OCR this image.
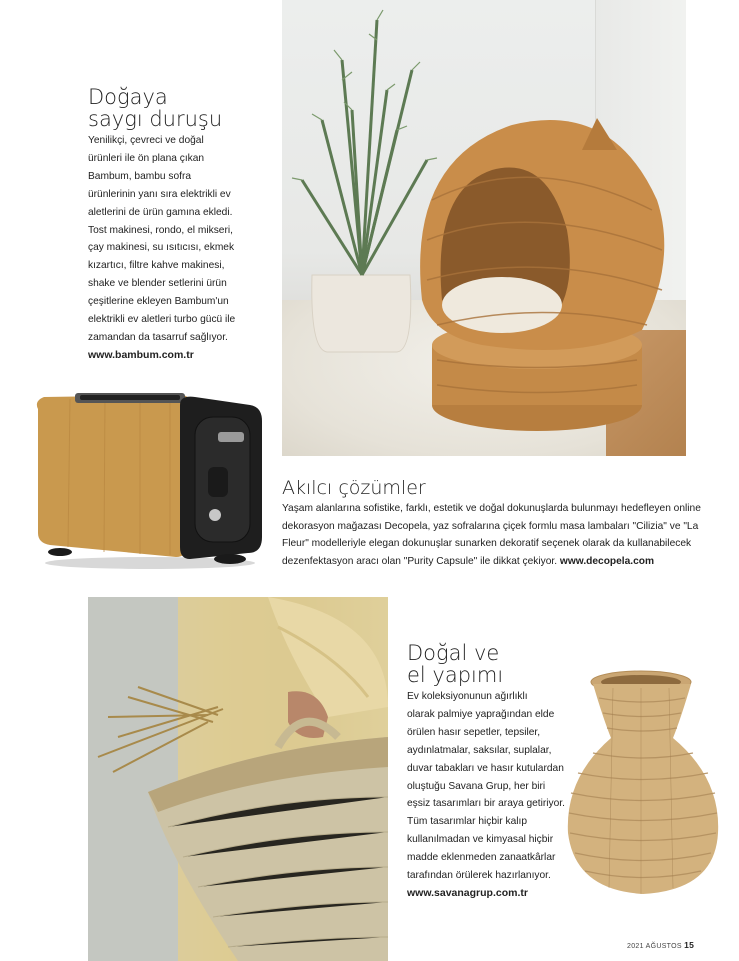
Doğaya
saygı duruşu
Yenilikçi, çevreci ve doğal
ürünleri ile ön plana çıkan
Bambum, bambu sofra
ürünlerinin yanı sıra elektrikli ev
aletlerini de ürün gamına ekledi.
Tost makinesi, rondo, el mikseri,
çay makinesi, su ısıtıcısı, ekmek
kızartıcı, filtre kahve makinesi,
shake ve blender setlerini ürün
çeşitlerine ekleyen Bambum'un
elektrikli ev aletleri turbo gücü ile
zamandan da tasarruf sağlıyor.
www.bambum.com.tr
Akılcı çözümler
Yaşam alanlarına sofistike, farklı, estetik ve doğal dokunuşlarda bulunmayı hedefleyen online
dekorasyon mağazası Decopela, yaz sofralarına çiçek formlu masa lambaları "Cilizia" ve "La
Fleur" modelleriyle elegan dokunuşlar sunarken dekoratif seçenek olarak da kullanabilecek
dezenfektasyon aracı olan "Purity Capsule" ile dikkat çekiyor. www.decopela.com
Doğal ve
el yapımı
Ev koleksiyonunun ağırlıklı
olarak palmiye yaprağından elde
örülen hasır sepetler, tepsiler,
aydınlatmalar, saksılar, suplalar,
duvar tabakları ve hasır kutulardan
oluştuğu Savana Grup, her biri
eşsiz tasarımları bir araya getiriyor.
Tüm tasarımlar hiçbir kalıp
kullanılmadan ve kimyasal hiçbir
madde eklenmeden zanaatkârlar
tarafından örülerek hazırlanıyor.
www.savanagrup.com.tr
2021 AĞUSTOS 15
